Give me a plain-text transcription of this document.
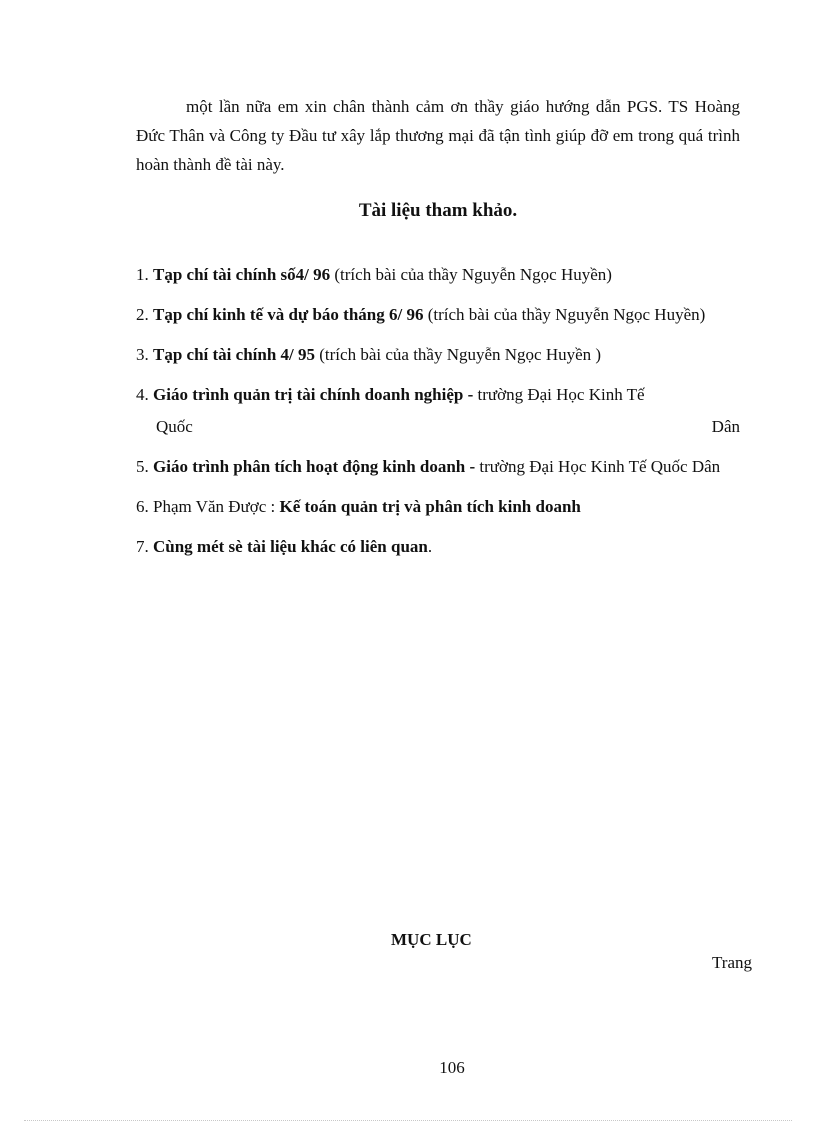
một lần nữa em xin chân thành cảm ơn thầy giáo hướng dẫn PGS. TS Hoàng Đức Thân và Công ty Đầu tư xây lắp thương mại đã tận tình giúp đỡ em trong quá trình hoàn thành đề tài này.

Tài liệu tham khảo.
1. Tạp chí tài chính số4/ 96 (trích bài của thầy Nguyễn Ngọc Huyền)
2. Tạp chí kinh tế và dự báo tháng 6/ 96 (trích bài của thầy Nguyễn Ngọc Huyền)
3. Tạp chí tài chính 4/ 95 (trích bài của thầy Nguyễn Ngọc Huyền )
4. Giáo trình quản trị tài chính doanh nghiệp - trường Đại Học Kinh Tế
Quốc	Dân
5. Giáo trình phân tích hoạt động kinh doanh - trường Đại Học Kinh Tế Quốc Dân
6. Phạm Văn Được : Kế toán quản trị và phân tích kinh doanh
7. Cùng mét sè tài liệu khác có liên quan.
MỤC LỤC
Trang
106
